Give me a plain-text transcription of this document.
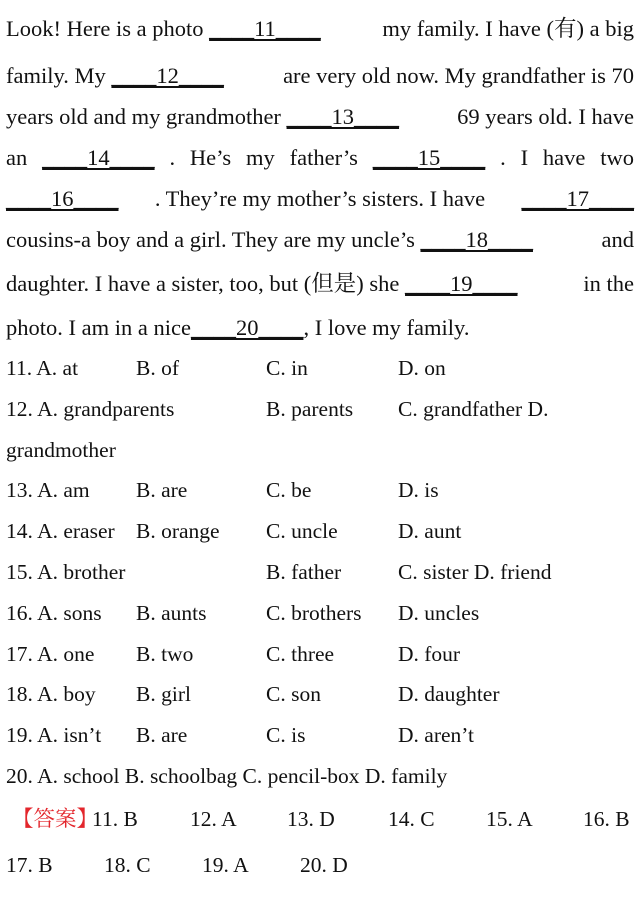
Look! Here is a photo ____11____	my family. I have (有) a big
family. My ____12____	are very old now. My grandfather is 70
years old and my grandmother ____13____	69 years old. I have
an ____14____ . He’s my father’s ____15____ . I have two
____16____ . They’re my mother’s sisters. I have ____17____
cousins-a boy and a girl. They are my uncle’s ____18____	and
daughter. I have a sister, too, but (但是) she ____19____	in the
photo. I am in a nice ____20____ , I love my family.
11. A. at	B. of	C. in	D. on
12. A. grandparents	B. parents C. grandfather D.
grandmother
13. A. am B. are	C. be	D. is
14. A. eraser B. orange C. uncle	D. aunt
15. A. brother	B. father	C. sister D. friend
16. A. sons B. aunts	C. brothers D. uncles
17. A. one B. two	C. three	D. four
18. A. boy B. girl	C. son	D. daughter
19. A. isn’t B. are	C. is	D. aren’t
20. A. school B. schoolbag C. pencil-box D. family
【答案】
11. B 12. A 13. D 14. C 15. A 16. B
17. B 18. C 19. A 20. D
